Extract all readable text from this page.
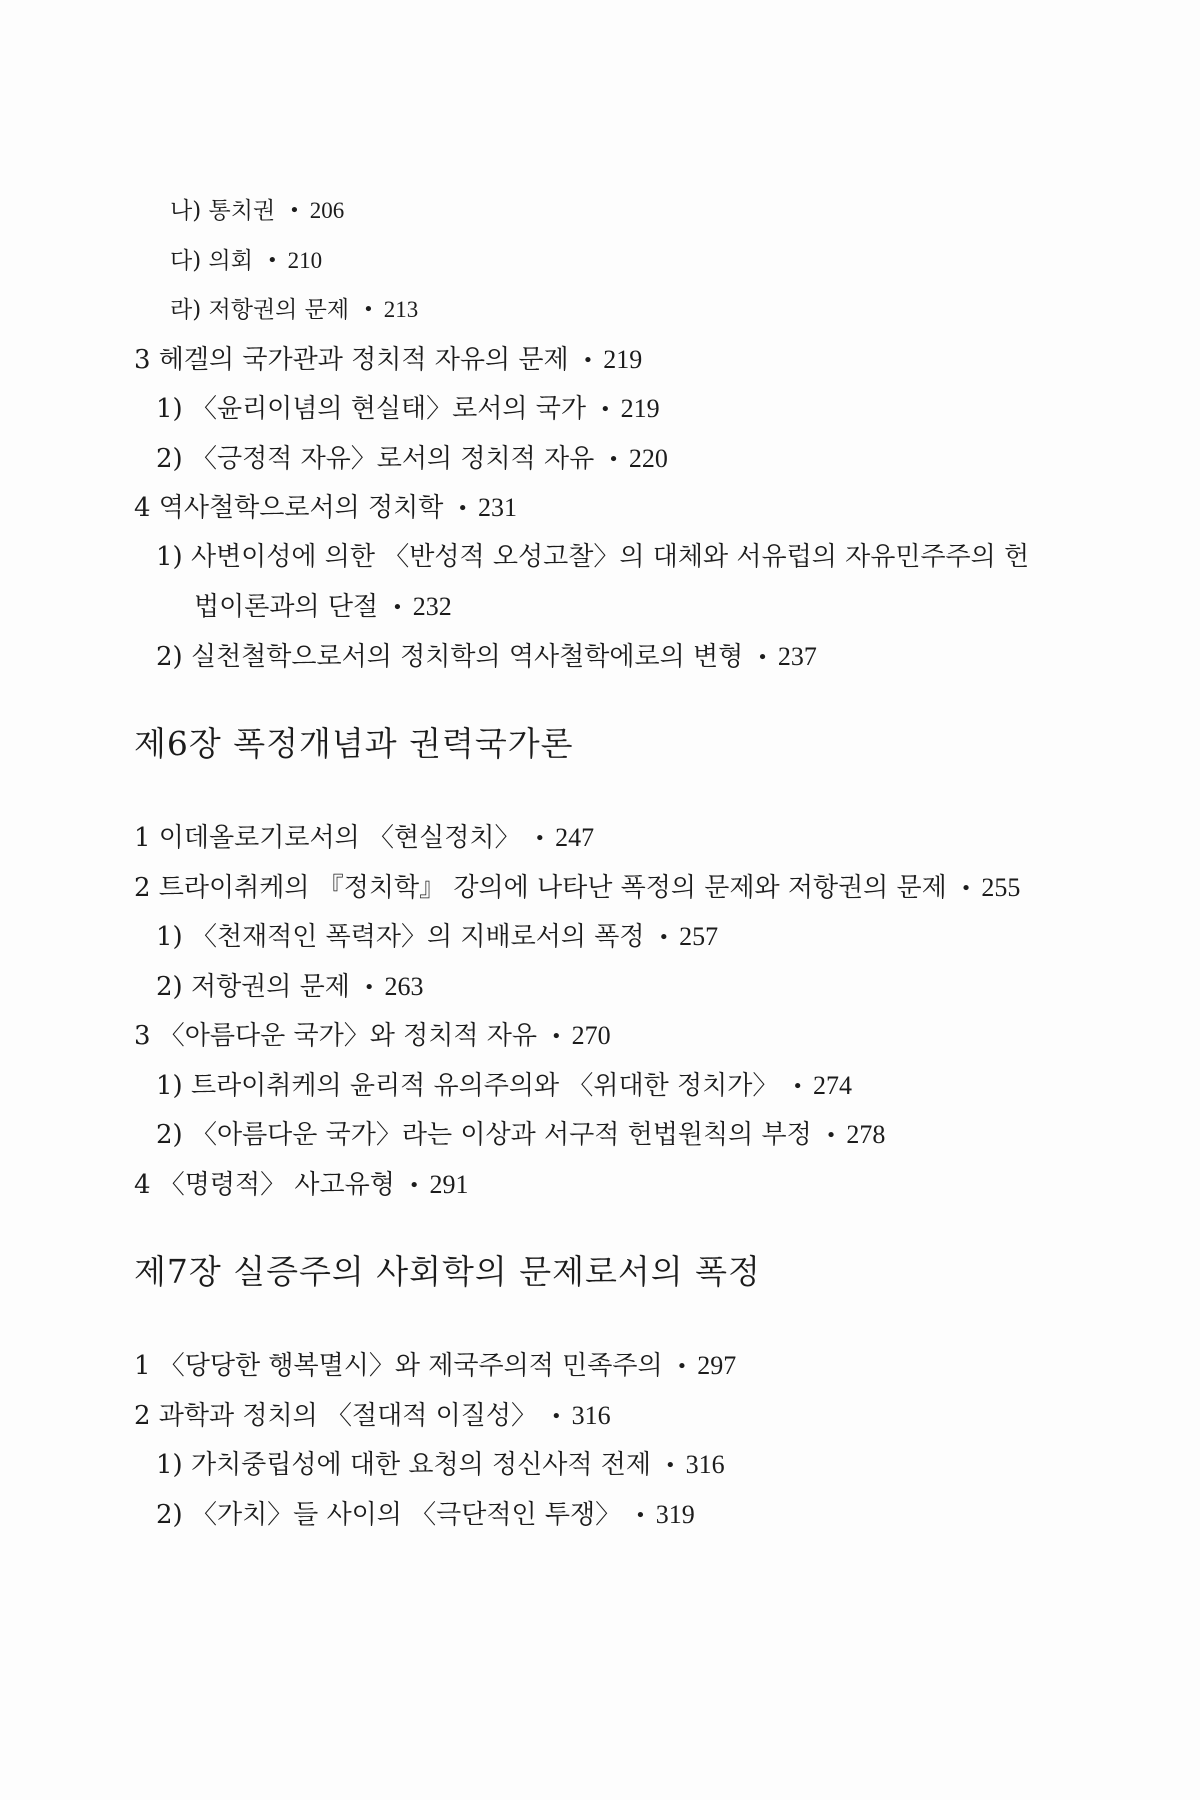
나) 통치권 • 206
다) 의회 • 210
라) 저항권의 문제 • 213
3 헤겔의 국가관과 정치적 자유의 문제 • 219
1) 〈윤리이념의 현실태〉로서의 국가 • 219
2) 〈긍정적 자유〉로서의 정치적 자유 • 220
4 역사철학으로서의 정치학 • 231
1) 사변이성에 의한 〈반성적 오성고찰〉의 대체와 서유럽의 자유민주주의 헌
법이론과의 단절 • 232
2) 실천철학으로서의 정치학의 역사철학에로의 변형 • 237
제6장 폭정개념과 권력국가론
1 이데올로기로서의 〈현실정치〉 • 247
2 트라이취케의 『정치학』 강의에 나타난 폭정의 문제와 저항권의 문제 • 255
1) 〈천재적인 폭력자〉의 지배로서의 폭정 • 257
2) 저항권의 문제 • 263
3 〈아름다운 국가〉와 정치적 자유 • 270
1) 트라이취케의 윤리적 유의주의와 〈위대한 정치가〉 • 274
2) 〈아름다운 국가〉라는 이상과 서구적 헌법원칙의 부정 • 278
4 〈명령적〉 사고유형 • 291
제7장 실증주의 사회학의 문제로서의 폭정
1 〈당당한 행복멸시〉와 제국주의적 민족주의 • 297
2 과학과 정치의 〈절대적 이질성〉 • 316
1) 가치중립성에 대한 요청의 정신사적 전제 • 316
2) 〈가치〉들 사이의 〈극단적인 투쟁〉 • 319
